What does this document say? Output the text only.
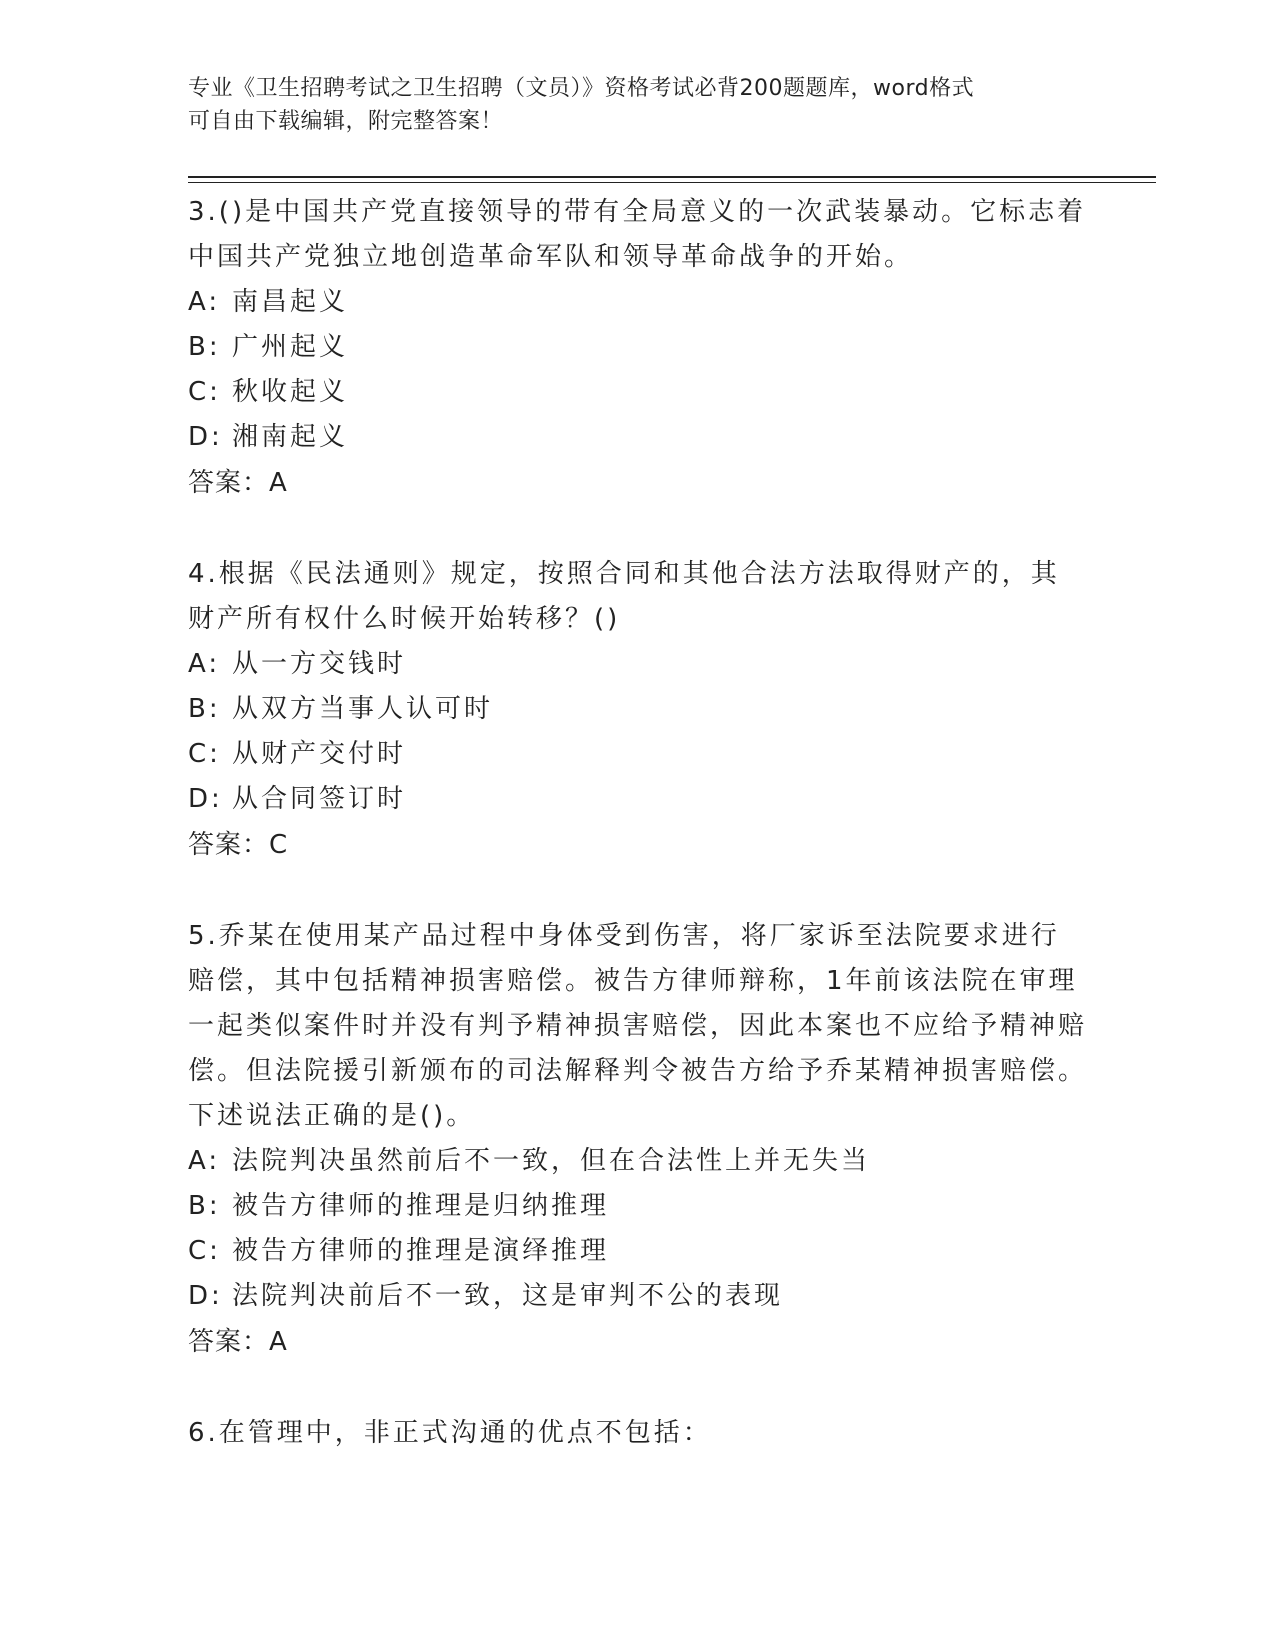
专业《卫生招聘考试之卫生招聘（文员）》资格考试必背200题题库，word格式
可自由下载编辑，附完整答案！

3.()是中国共产党直接领导的带有全局意义的一次武装暴动。它标志着中国共产党独立地创造革命军队和领导革命战争的开始。

A: 南昌起义
B: 广州起义
C: 秋收起义
D: 湘南起义

答案：A

4.根据《民法通则》规定，按照合同和其他合法方法取得财产的，其财产所有权什么时候开始转移？()

A: 从一方交钱时
B: 从双方当事人认可时
C: 从财产交付时
D: 从合同签订时

答案：C

5.乔某在使用某产品过程中身体受到伤害，将厂家诉至法院要求进行赔偿，其中包括精神损害赔偿。被告方律师辩称，1年前该法院在审理一起类似案件时并没有判予精神损害赔偿，因此本案也不应给予精神赔偿。但法院援引新颁布的司法解释判令被告方给予乔某精神损害赔偿。下述说法正确的是()。

A: 法院判决虽然前后不一致，但在合法性上并无失当
B: 被告方律师的推理是归纳推理
C: 被告方律师的推理是演绎推理
D: 法院判决前后不一致，这是审判不公的表现

答案：A

6.在管理中，非正式沟通的优点不包括：
